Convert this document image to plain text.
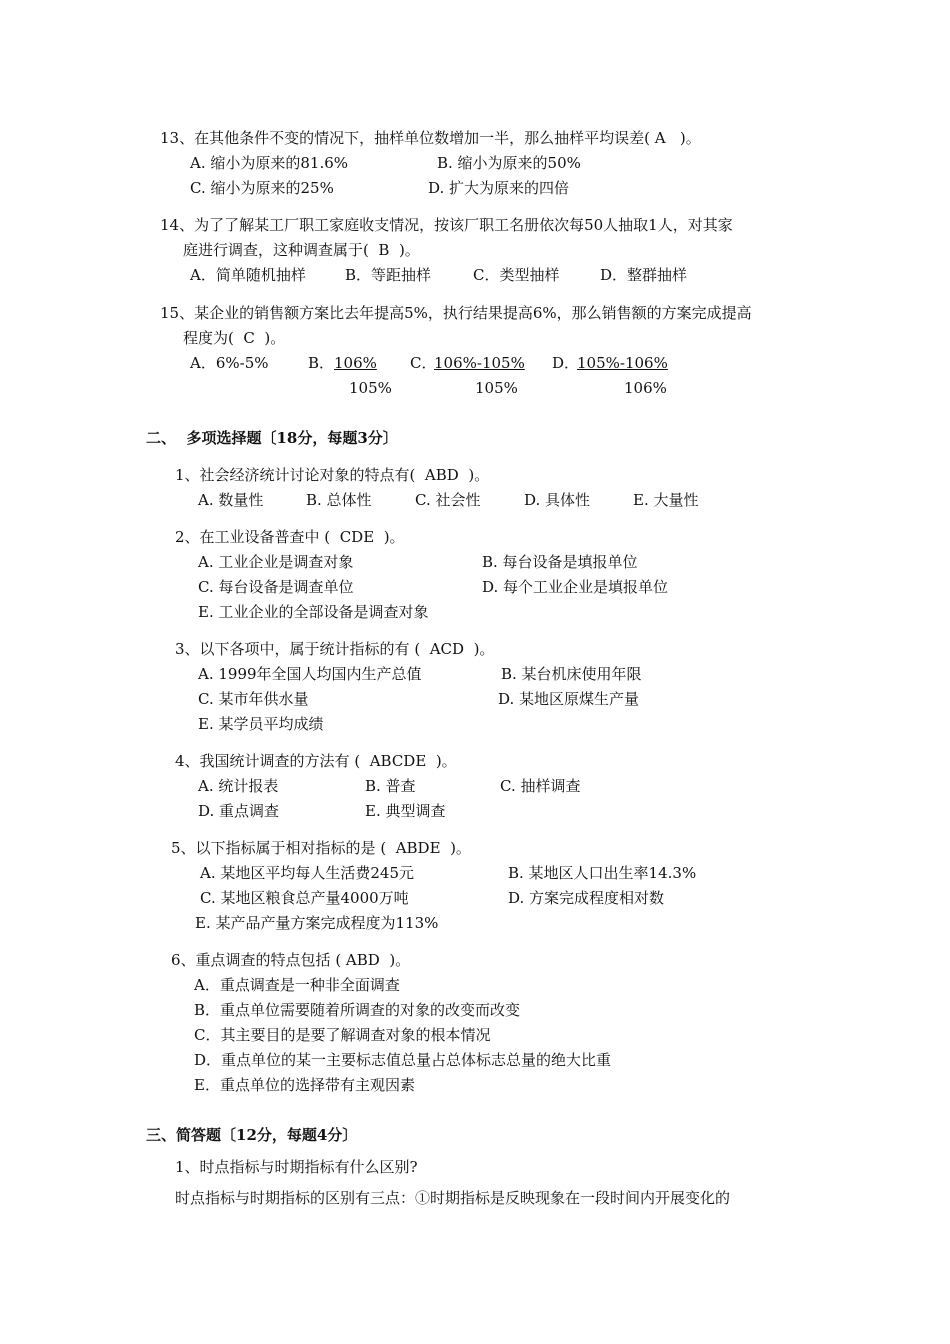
13、在其他条件不变的情况下，抽样单位数增加一半，那么抽样平均误差( A   )。
A. 缩小为原来的81.6%	B. 缩小为原来的50%
C. 缩小为原来的25%	D. 扩大为原来的四倍
14、为了了解某工厂职工家庭收支情况，按该厂职工名册依次每50人抽取1人，对其家
庭进行调查，这种调查属于(  B  )。
A．简单随机抽样	B．等距抽样	C．类型抽样	D．整群抽样
15、某企业的销售额方案比去年提高5%，执行结果提高6%，那么销售额的方案完成提高
程度为(  C  )。
A．6%-5%	B． 106%
105%
C．
106%-105%
105%
D．
105%-106%
106%
二、  多项选择题〔18分，每题3分〕
1、社会经济统计讨论对象的特点有(  ABD  )。
A. 数量性	B. 总体性	C. 社会性	D. 具体性	E. 大量性
2、在工业设备普查中 (  CDE  )。
A. 工业企业是调查对象	B. 每台设备是填报单位
C. 每台设备是调查单位	D. 每个工业企业是填报单位
E. 工业企业的全部设备是调查对象
3、以下各项中，属于统计指标的有 (  ACD  )。
A. 1999年全国人均国内生产总值	B. 某台机床使用年限
C. 某市年供水量	D. 某地区原煤生产量
E. 某学员平均成绩
4、我国统计调查的方法有 (  ABCDE  )。
A. 统计报表	B. 普查	C. 抽样调查
D. 重点调查	E. 典型调查
5、以下指标属于相对指标的是 (  ABDE  )。
A. 某地区平均每人生活费245元	B. 某地区人口出生率14.3%
C. 某地区粮食总产量4000万吨	D. 方案完成程度相对数
E. 某产品产量方案完成程度为113%
6、重点调查的特点包括 ( ABD  )。
A．重点调查是一种非全面调查
B．重点单位需要随着所调查的对象的改变而改变
C．其主要目的是要了解调查对象的根本情况
D．重点单位的某一主要标志值总量占总体标志总量的绝大比重
E．重点单位的选择带有主观因素
三、简答题〔12分，每题4分〕
1、时点指标与时期指标有什么区别?
时点指标与时期指标的区别有三点：①时期指标是反映现象在一段时间内开展变化的
